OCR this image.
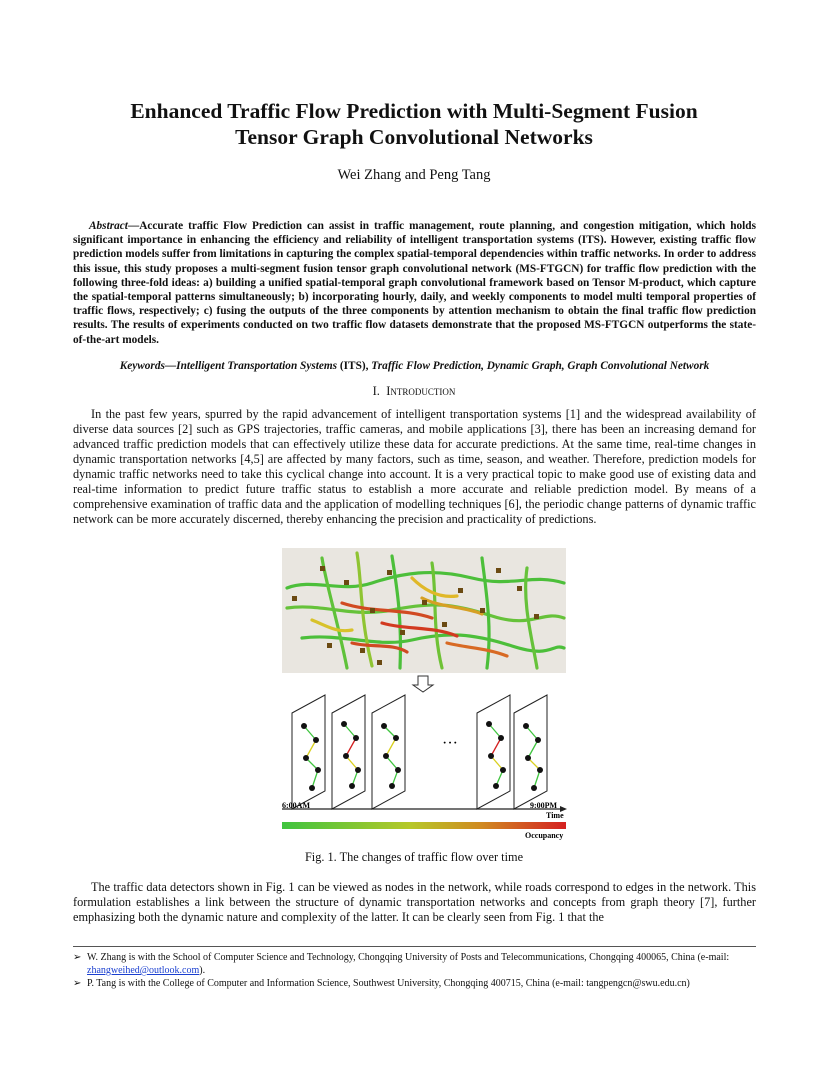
Enhanced Traffic Flow Prediction with Multi-Segment Fusion
Tensor Graph Convolutional Networks
Wei Zhang and Peng Tang

Abstract—Accurate traffic Flow Prediction can assist in traffic management, route planning, and congestion mitigation, which holds significant importance in enhancing the efficiency and reliability of intelligent transportation systems (ITS). However, existing traffic flow prediction models suffer from limitations in capturing the complex spatial-temporal dependencies within traffic networks. In order to address this issue, this study proposes a multi-segment fusion tensor graph convolutional network (MS-FTGCN) for traffic flow prediction with the following three-fold ideas: a) building a unified spatial-temporal graph convolutional framework based on Tensor M-product, which capture the spatial-temporal patterns simultaneously; b) incorporating hourly, daily, and weekly components to model multi temporal properties of traffic flows, respectively; c) fusing the outputs of the three components by attention mechanism to obtain the final traffic flow prediction results. The results of experiments conducted on two traffic flow datasets demonstrate that the proposed MS-FTGCN outperforms the state-of-the-art models.

Keywords—Intelligent Transportation Systems (ITS), Traffic Flow Prediction, Dynamic Graph, Graph Convolutional Network
I. Introduction

In the past few years, spurred by the rapid advancement of intelligent transportation systems [1] and the widespread availability of diverse data sources [2] such as GPS trajectories, traffic cameras, and mobile applications [3], there has been an increasing demand for advanced traffic prediction models that can effectively utilize these data for accurate predictions. At the same time, real-time changes in dynamic transportation networks [4,5] are affected by many factors, such as time, season, and weather. Therefore, prediction models for dynamic traffic networks need to take this cyclical change into account. It is a very practical topic to make good use of existing data and real-time information to predict future traffic status to establish a more accurate and reliable prediction model. By means of a comprehensive examination of traffic data and the application of modelling techniques [6], the periodic change patterns of dynamic traffic network can be more accurately discerned, thereby enhancing the precision and practicality of predictions.

···
6:00AM	9:00PM
Time
Occupancy
Fig. 1. The changes of traffic flow over time

The traffic data detectors shown in Fig. 1 can be viewed as nodes in the network, while roads correspond to edges in the network. This formulation establishes a link between the structure of dynamic transportation networks and concepts from graph theory [7], further emphasizing both the dynamic nature and complexity of the latter. It can be clearly seen from Fig. 1 that the

➢ W. Zhang is with the School of Computer Science and Technology, Chongqing University of Posts and Telecommunications, Chongqing 400065, China (e-mail: zhangweihed@outlook.com).
➢ P. Tang is with the College of Computer and Information Science, Southwest University, Chongqing 400715, China (e-mail: tangpengcn@swu.edu.cn)
